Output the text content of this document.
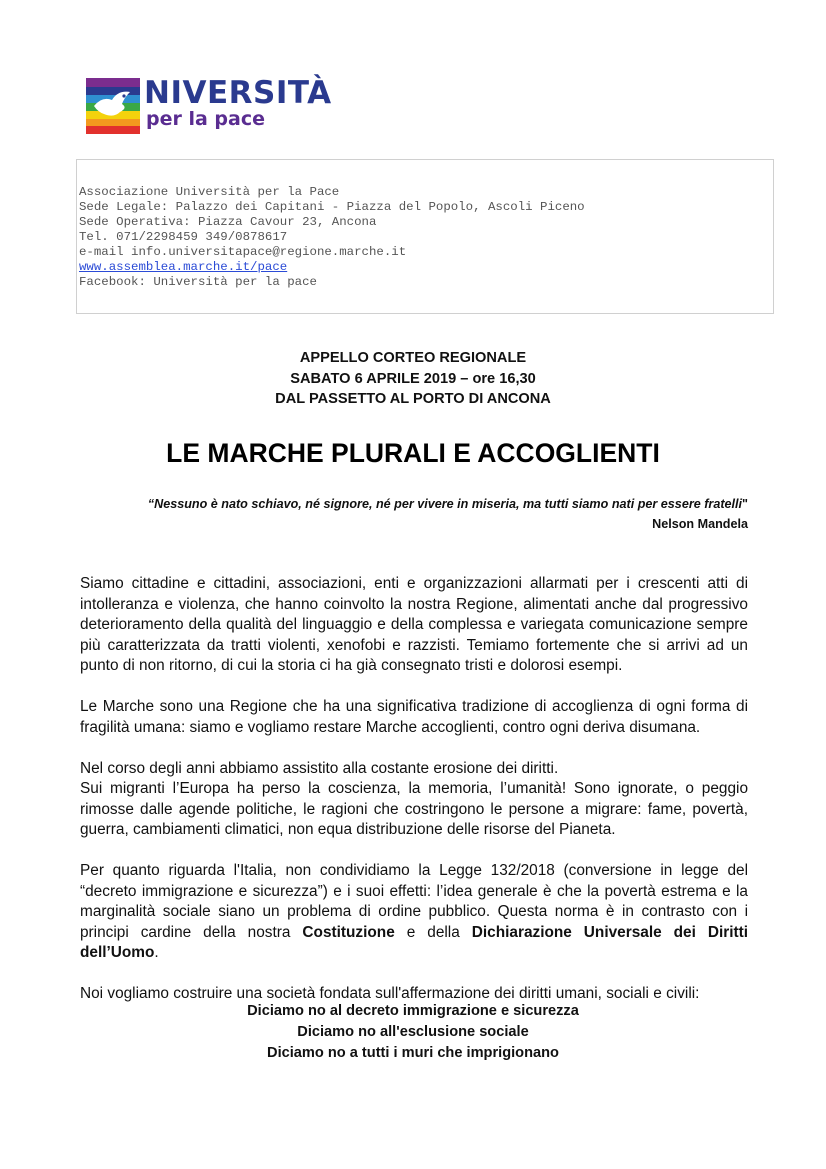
NIVERSITÀ
per la pace
Associazione Università per la Pace
Sede Legale: Palazzo dei Capitani - Piazza del Popolo, Ascoli Piceno
Sede Operativa: Piazza Cavour 23, Ancona
Tel. 071/2298459 349/0878617
e-mail info.universitapace@regione.marche.it
www.assemblea.marche.it/pace
Facebook: Università per la pace
APPELLO CORTEO REGIONALE
SABATO 6 APRILE 2019 – ore 16,30
DAL PASSETTO AL PORTO DI ANCONA
LE MARCHE PLURALI E ACCOGLIENTI
“Nessuno è nato schiavo, né signore, né per vivere in miseria, ma tutti siamo nati per essere fratelli"
Nelson Mandela

Siamo cittadine e cittadini, associazioni, enti e organizzazioni allarmati per i crescenti atti di intolleranza e violenza, che hanno coinvolto la nostra Regione, alimentati anche dal progressivo deterioramento della qualità del linguaggio e della complessa e variegata comunicazione sempre più caratterizzata da tratti violenti, xenofobi e razzisti. Temiamo fortemente che si arrivi ad un punto di non ritorno, di cui la storia ci ha già consegnato tristi e dolorosi esempi.

Le Marche sono una Regione che ha una significativa tradizione di accoglienza di ogni forma di fragilità umana: siamo e vogliamo restare Marche accoglienti, contro ogni deriva disumana.

Nel corso degli anni abbiamo assistito alla costante erosione dei diritti.
Sui migranti l’Europa ha perso la coscienza, la memoria, l’umanità! Sono ignorate, o peggio rimosse dalle agende politiche, le ragioni che costringono le persone a migrare: fame, povertà, guerra, cambiamenti climatici, non equa distribuzione delle risorse del Pianeta.

Per quanto riguarda l'Italia, non condividiamo la Legge 132/2018 (conversione in legge del “decreto immigrazione e sicurezza”) e i suoi effetti: l’idea generale è che la povertà estrema e la marginalità sociale siano un problema di ordine pubblico. Questa norma è in contrasto con i principi cardine della nostra Costituzione e della Dichiarazione Universale dei Diritti dell’Uomo.

Noi vogliamo costruire una società fondata sull'affermazione dei diritti umani, sociali e civili:

Diciamo no al decreto immigrazione e sicurezza
Diciamo no all'esclusione sociale
Diciamo no a tutti i muri che imprigionano
